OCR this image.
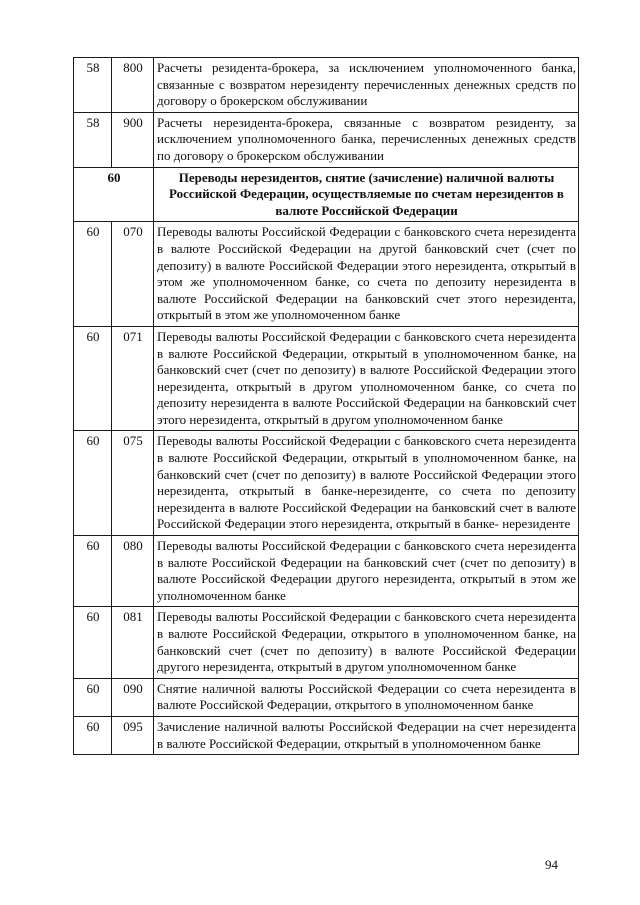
58	800	Расчеты резидента-брокера, за исключением уполномоченного банка, связанные с возвратом нерезиденту перечисленных денежных средств по договору о брокерском обслуживании
58	900	Расчеты нерезидента-брокера, связанные с возвратом резиденту, за исключением уполномоченного банка, перечисленных денежных средств по договору о брокерском обслуживании
60		Переводы нерезидентов, снятие (зачисление) наличной валюты Российской Федерации, осуществляемые по счетам нерезидентов в валюте Российской Федерации
60	070	Переводы валюты Российской Федерации с банковского счета нерезидента в валюте Российской Федерации на другой банковский счет (счет по депозиту) в валюте Российской Федерации этого нерезидента, открытый в этом же уполномоченном банке, со счета по депозиту нерезидента в валюте Российской Федерации на банковский счет этого нерезидента, открытый в этом же уполномоченном банке
60	071	Переводы валюты Российской Федерации с банковского счета нерезидента в валюте Российской Федерации, открытый в уполномоченном банке, на банковский счет (счет по депозиту) в валюте Российской Федерации этого нерезидента, открытый в другом уполномоченном банке, со счета по депозиту нерезидента в валюте Российской Федерации на банковский счет этого нерезидента, открытый в другом уполномоченном банке
60	075	Переводы валюты Российской Федерации с банковского счета нерезидента в валюте Российской Федерации, открытый в уполномоченном банке, на банковский счет (счет по депозиту) в валюте Российской Федерации этого нерезидента, открытый в банке-нерезиденте, со счета по депозиту нерезидента в валюте Российской Федерации на банковский счет в валюте Российской Федерации этого нерезидента, открытый в банке- нерезиденте
60	080	Переводы валюты Российской Федерации с банковского счета нерезидента в валюте Российской Федерации на банковский счет (счет по депозиту) в валюте Российской Федерации другого нерезидента, открытый в этом же уполномоченном банке
60	081	Переводы валюты Российской Федерации с банковского счета нерезидента в валюте Российской Федерации, открытого в уполномоченном банке, на банковский счет (счет по депозиту) в валюте Российской Федерации другого нерезидента, открытый в другом уполномоченном банке
60	090	Снятие наличной валюты Российской Федерации со счета нерезидента в валюте Российской Федерации, открытого в уполномоченном банке
60	095	Зачисление наличной валюты Российской Федерации на счет нерезидента в валюте Российской Федерации, открытый в уполномоченном банке
94
